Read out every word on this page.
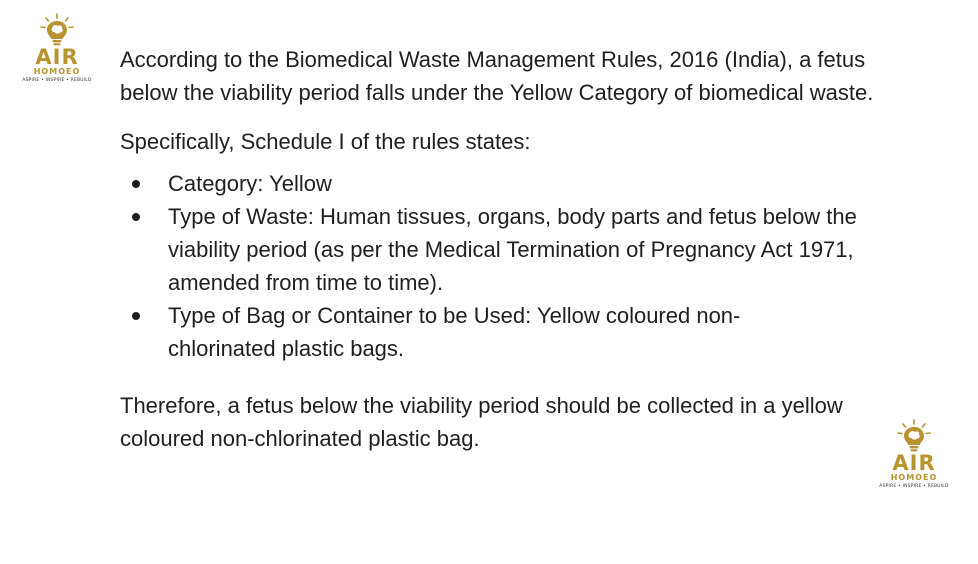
AIR
HOMOEO
ASPIRE • INSPIRE • REBUILD

According to the Biomedical Waste Management Rules, 2016 (India), a fetus below the viability period falls under the Yellow Category of biomedical waste.

Specifically, Schedule I of the rules states:

Category: Yellow
Type of Waste: Human tissues, organs, body parts and fetus below the viability period (as per the Medical Termination of Pregnancy Act 1971, amended from time to time).
Type of Bag or Container to be Used: Yellow coloured non-chlorinated plastic bags.

Therefore, a fetus below the viability period should be collected in a yellow coloured non-chlorinated plastic bag.

AIR
HOMOEO
ASPIRE • INSPIRE • REBUILD
